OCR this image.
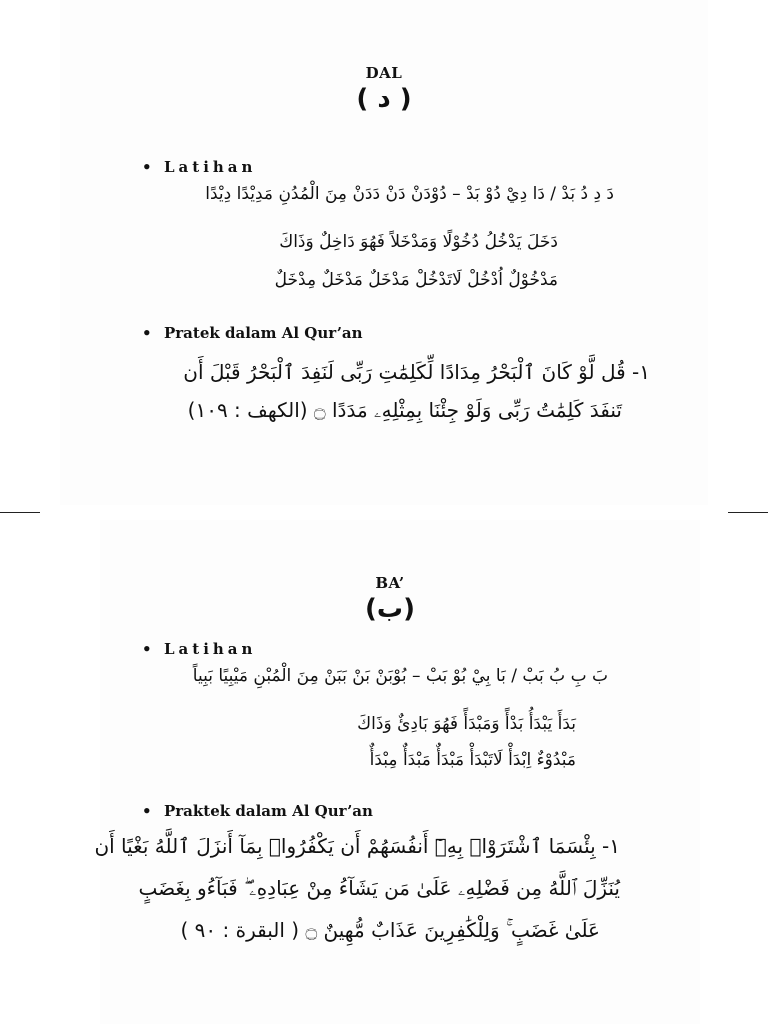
DAL
( د )
• Latihan
دَ دِ دُ بَدْ / دَا دِيْ دُوْ بَدْ – دُوْدَنْ دَنْ دَدَنْ مِنَ الْمُدُنِ مَدِيْدًا دِيْدًا
دَخَلَ يَدْخُلُ دُخُوْلًا وَمَدْخَلاً فَهُوَ دَاخِلٌ وَذَاكَ
مَدْخُوْلٌ اُدْخُلْ لَاتَدْخُلْ مَدْخَلٌ مَدْخَلٌ مِدْخَلٌ
• Pratek dalam Al Qur’an
١- قُل لَّوْ كَانَ ٱلْبَحْرُ مِدَادًا لِّكَلِمَٰتِ رَبِّى لَنَفِدَ ٱلْبَحْرُ قَبْلَ أَن
تَنفَدَ كَلِمَٰتُ رَبِّى وَلَوْ جِئْنَا بِمِثْلِهِۦ مَدَدًا ۝ (الكهف : ١٠٩)
BA’
(ب)
• Latihan
بَ بِ بُ بَبْ / بَا بِيْ بُوْ بَبْ – بُوْبَنْ بَنْ بَبَنْ مِنَ الْمُبْنِ مَيْبِيًا بَبِياً
بَدَأَ يَبْدَأُ بَدْأً وَمَبْدَأً فَهُوَ بَادِئٌ وَذَاكَ
مَبْدُوْءٌ اِبْدَأْ لَاتَبْدَأْ مَبْدَأٌ مَبْدَأٌ مِبْدَأٌ
• Praktek dalam Al Qur’an
١- بِئْسَمَا ٱشْتَرَوْا۟ بِهِۦٓ أَنفُسَهُمْ أَن يَكْفُرُوا۟ بِمَآ أَنزَلَ ٱللَّهُ بَغْيًا أَن
يُنَزِّلَ ٱللَّهُ مِن فَضْلِهِۦ عَلَىٰ مَن يَشَآءُ مِنْ عِبَادِهِۦ ۖ فَبَآءُو بِغَضَبٍ
عَلَىٰ غَضَبٍ ۚ وَلِلْكَٰفِرِينَ عَذَابٌ مُّهِينٌ ۝ ( البقرة : ٩٠ )
